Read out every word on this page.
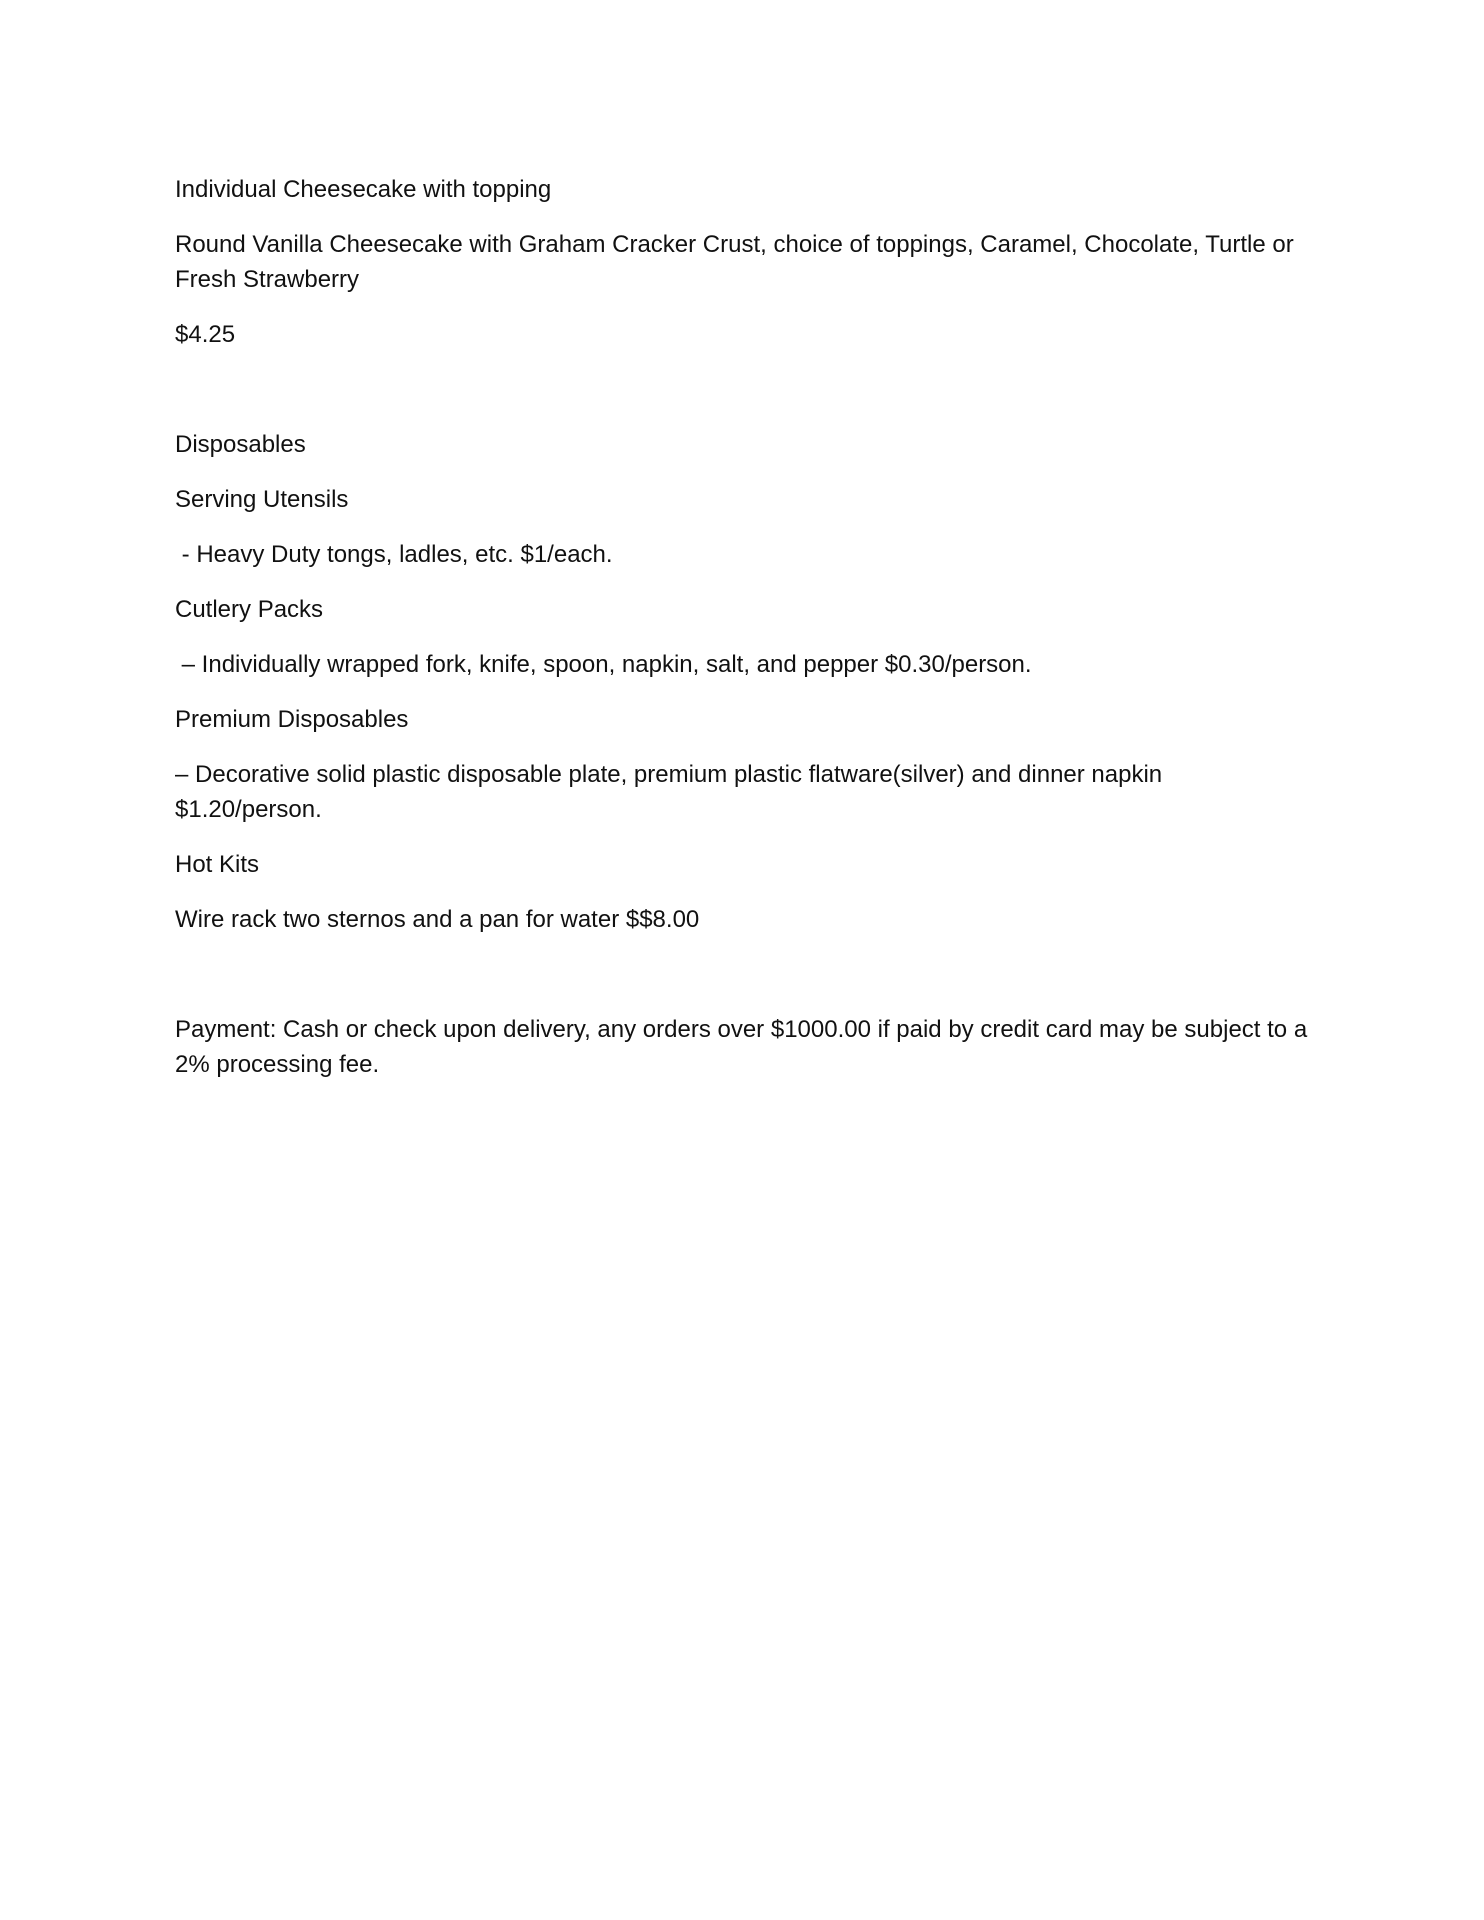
Individual Cheesecake with topping

Round Vanilla Cheesecake with Graham Cracker Crust, choice of toppings, Caramel, Chocolate, Turtle or Fresh Strawberry

$4.25

Disposables

Serving Utensils

- Heavy Duty tongs, ladles, etc. $1/each.

Cutlery Packs

– Individually wrapped fork, knife, spoon, napkin, salt, and pepper $0.30/person.

Premium Disposables

– Decorative solid plastic disposable plate, premium plastic flatware(silver) and dinner napkin $1.20/person.

Hot Kits

Wire rack two sternos and a pan for water $$8.00

Payment: Cash or check upon delivery, any orders over $1000.00 if paid by credit card may be subject to a 2% processing fee.
